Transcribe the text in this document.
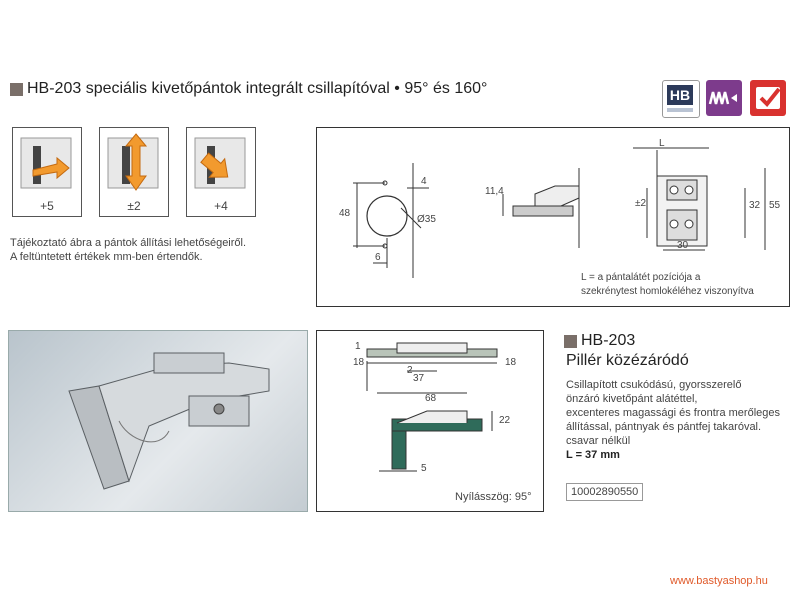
HB-203 speciális kivetőpántok integrált csillapítóval • 95° és 160°	HB
+5	±2	+4
Tájékoztató ábra a pántok állítási lehetőségeiről.
A feltüntetett értékek mm-ben értendők.
48
4
6
Ø35
11,4
L
±2	32 55
30
L = a pántalátét pozíciója a
szekrénytest homlokéléhez viszonyítva
1
18	18
37
2
68
22
5
Nyílásszög: 95°
HB-203
Pillér közézáródó
Csillapított csukódású, gyorsszerelő
önzáró kivetőpánt alátéttel,
excenteres magassági és frontra merőleges
állítással, pántnyak és pántfej takaróval.
csavar nélkül
L = 37 mm
10002890550
www.bastyashop.hu
